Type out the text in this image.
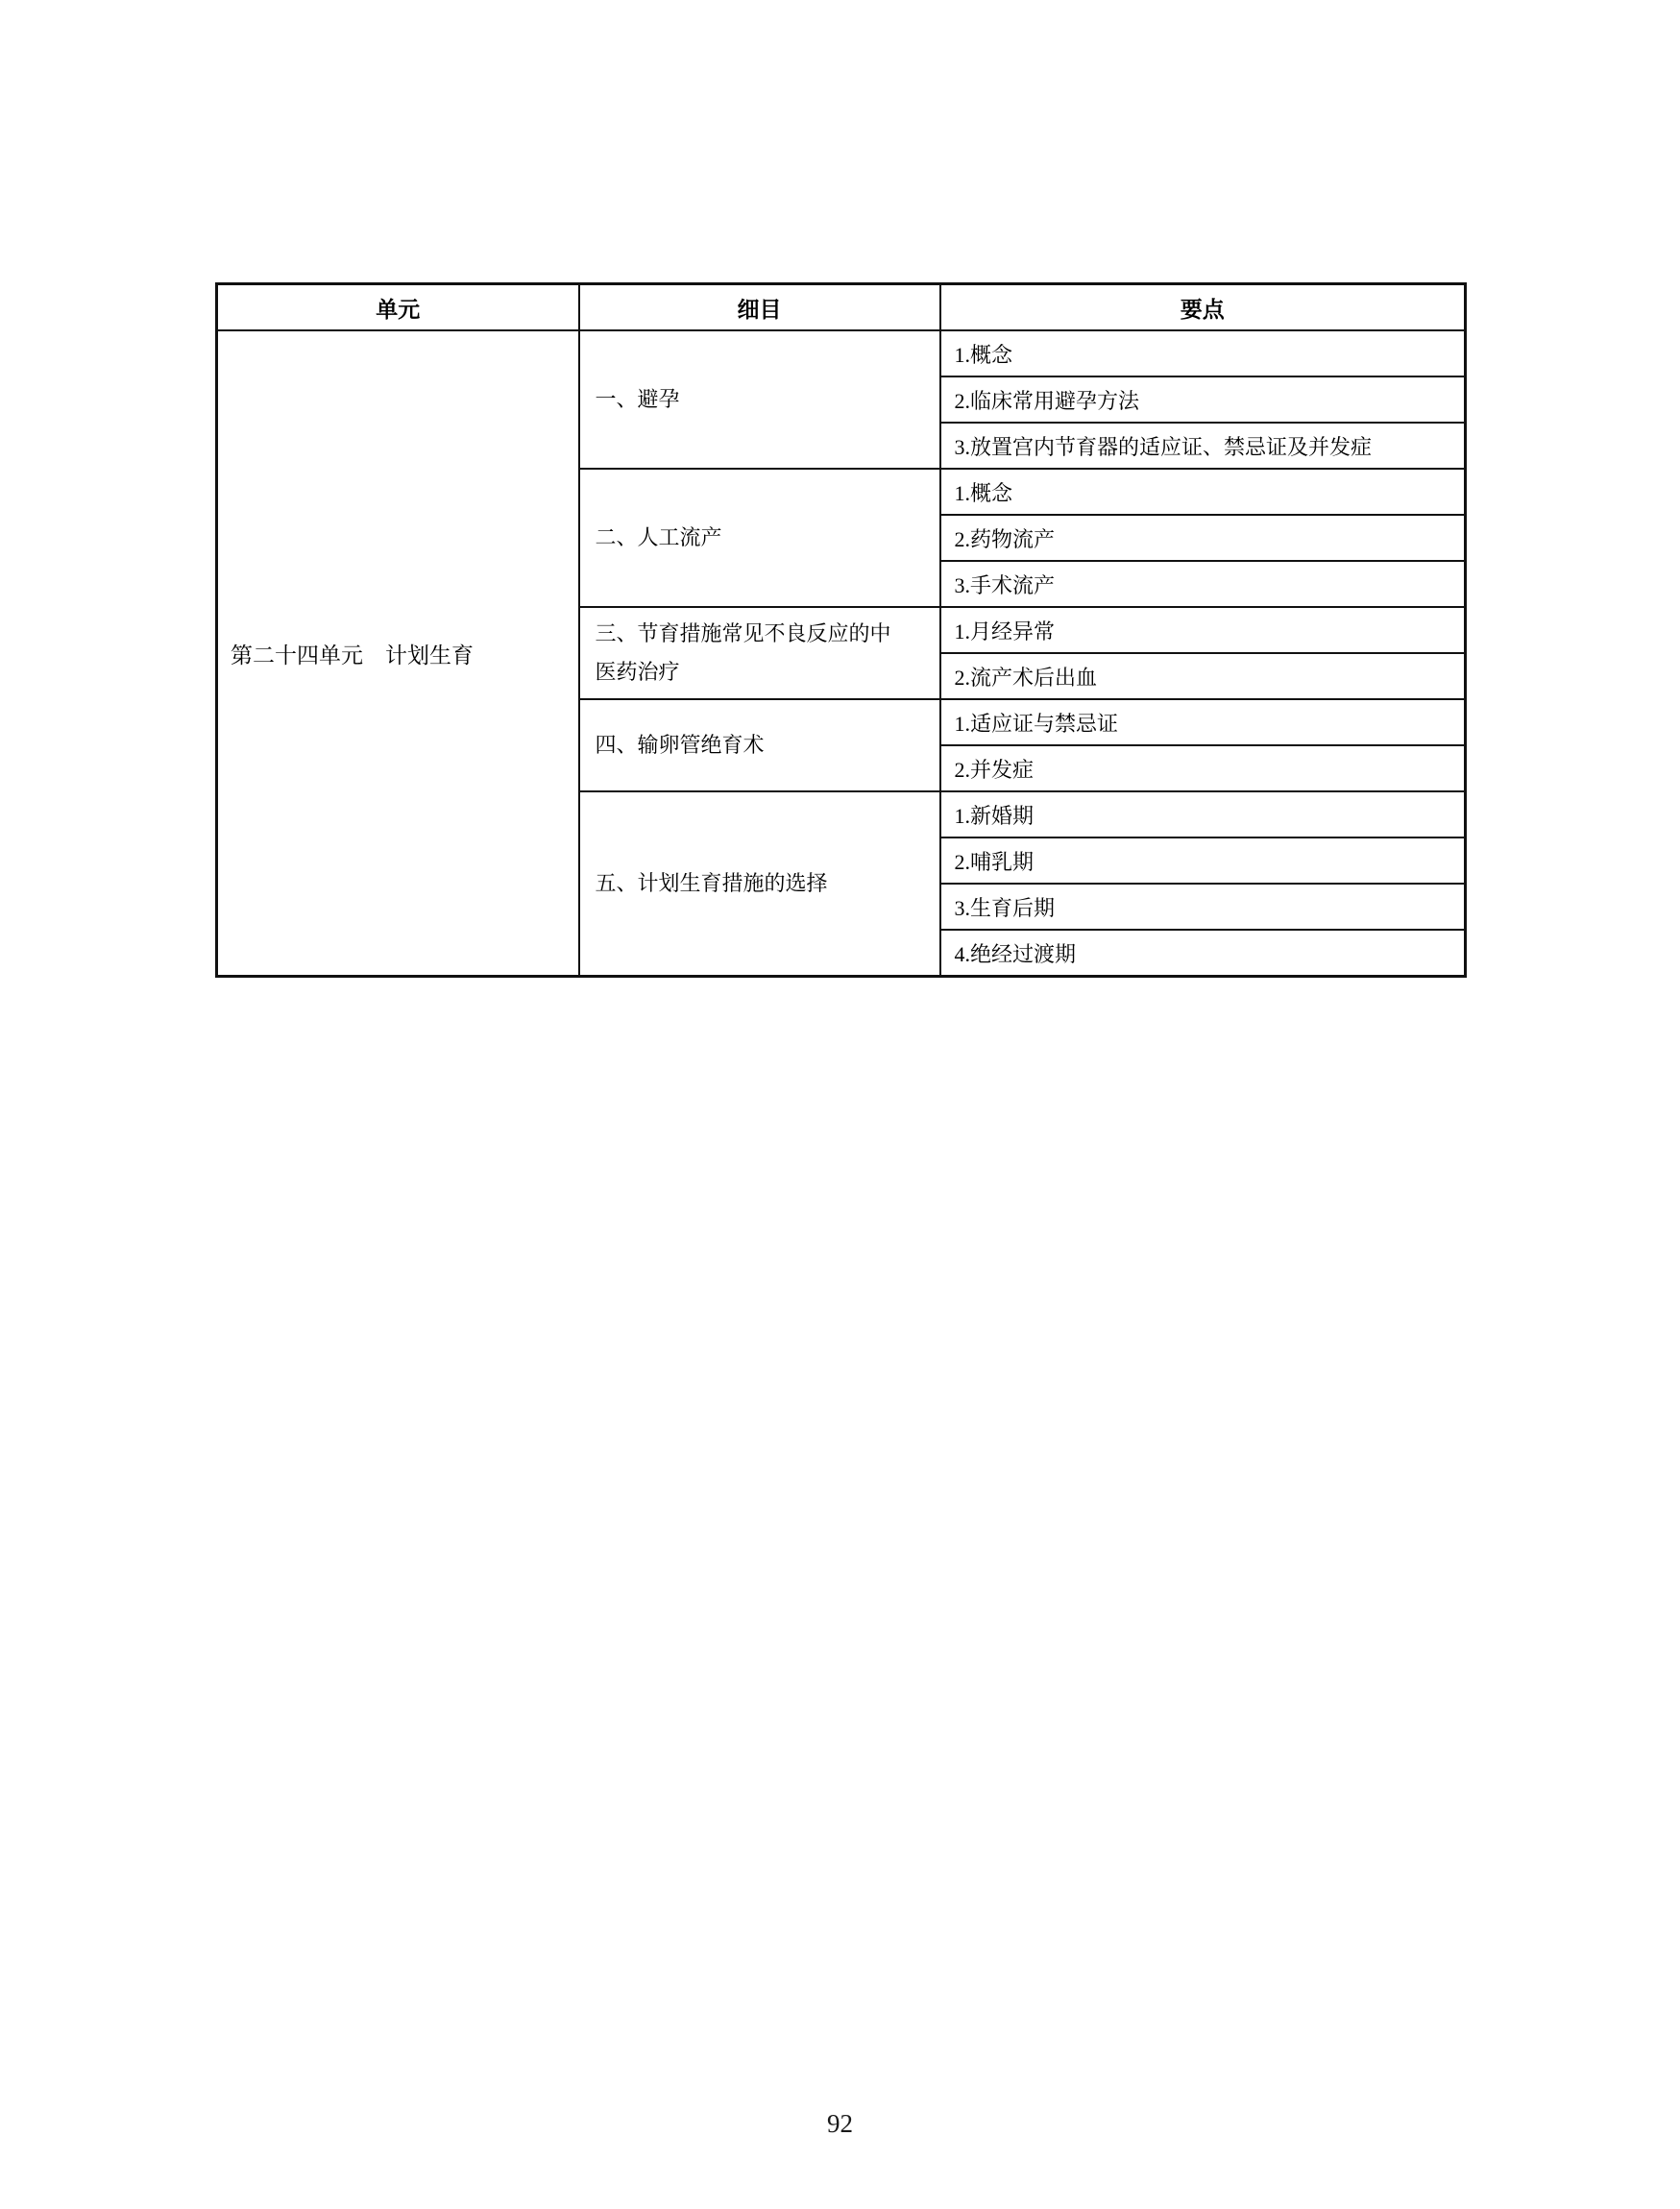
单元	细目	要点
第二十四单元　计划生育	一、避孕	1.概念
		2.临床常用避孕方法
		3.放置宫内节育器的适应证、禁忌证及并发症
	二、人工流产	1.概念
		2.药物流产
		3.手术流产
	三、节育措施常见不良反应的中医药治疗	1.月经异常
		2.流产术后出血
	四、输卵管绝育术	1.适应证与禁忌证
		2.并发症
	五、计划生育措施的选择	1.新婚期
		2.哺乳期
		3.生育后期
		4.绝经过渡期
92
